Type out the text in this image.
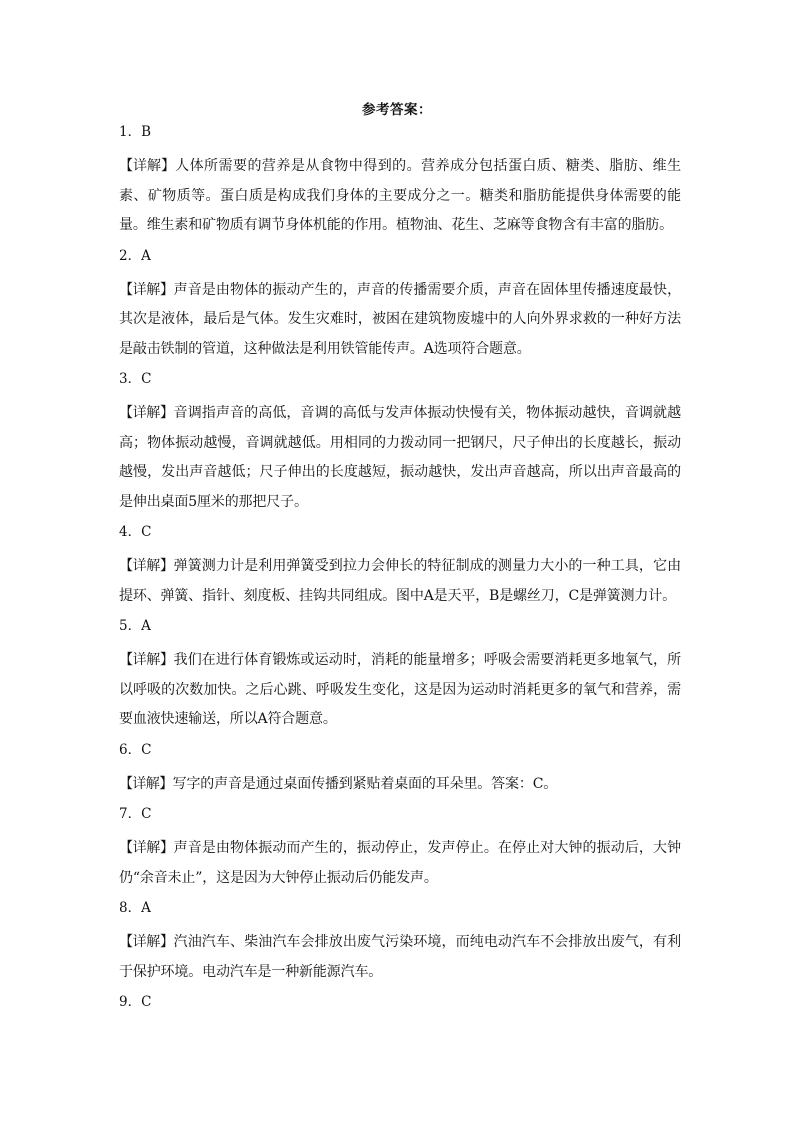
参考答案：
1．B
【详解】人体所需要的营养是从食物中得到的。营养成分包括蛋白质、糖类、脂肪、维生素、矿物质等。蛋白质是构成我们身体的主要成分之一。糖类和脂肪能提供身体需要的能量。维生素和矿物质有调节身体机能的作用。植物油、花生、芝麻等食物含有丰富的脂肪。
2．A
【详解】声音是由物体的振动产生的，声音的传播需要介质，声音在固体里传播速度最快，其次是液体，最后是气体。发生灾难时，被困在建筑物废墟中的人向外界求救的一种好方法是敲击铁制的管道，这种做法是利用铁管能传声。A选项符合题意。
3．C
【详解】音调指声音的高低，音调的高低与发声体振动快慢有关，物体振动越快，音调就越高；物体振动越慢，音调就越低。用相同的力拨动同一把钢尺，尺子伸出的长度越长，振动越慢，发出声音越低；尺子伸出的长度越短，振动越快，发出声音越高，所以出声音最高的是伸出桌面5厘米的那把尺子。
4．C
【详解】弹簧测力计是利用弹簧受到拉力会伸长的特征制成的测量力大小的一种工具，它由提环、弹簧、指针、刻度板、挂钩共同组成。图中A是天平，B是螺丝刀，C是弹簧测力计。
5．A
【详解】我们在进行体育锻炼或运动时，消耗的能量增多；呼吸会需要消耗更多地氧气，所以呼吸的次数加快。之后心跳、呼吸发生变化，这是因为运动时消耗更多的氧气和营养，需要血液快速输送，所以A符合题意。
6．C
【详解】写字的声音是通过桌面传播到紧贴着桌面的耳朵里。答案：C。
7．C
【详解】声音是由物体振动而产生的，振动停止，发声停止。在停止对大钟的振动后，大钟仍“余音未止”，这是因为大钟停止振动后仍能发声。
8．A
【详解】汽油汽车、柴油汽车会排放出废气污染环境，而纯电动汽车不会排放出废气，有利于保护环境。电动汽车是一种新能源汽车。
9．C
